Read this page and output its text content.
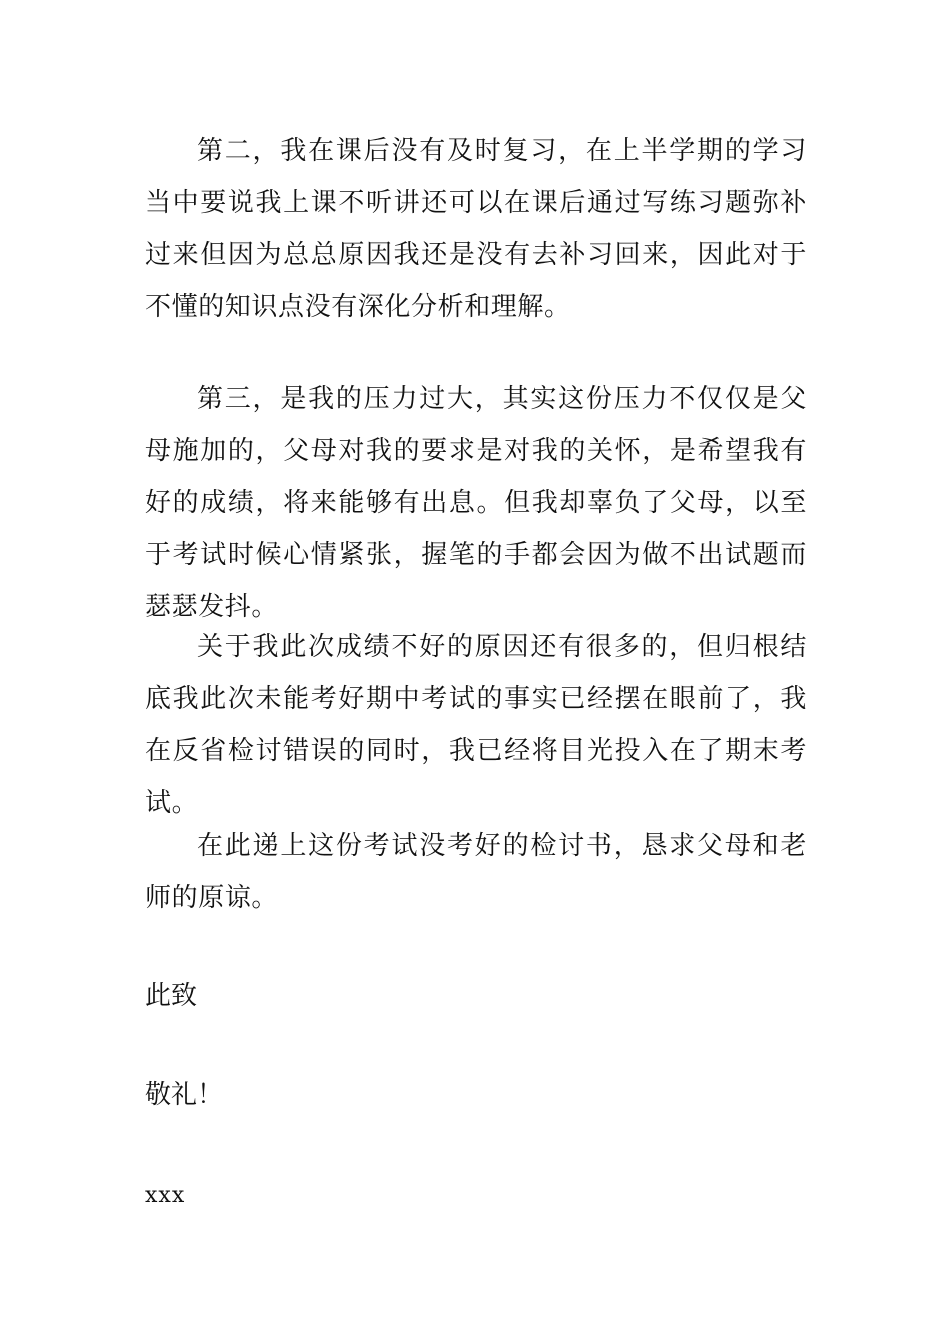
第二，我在课后没有及时复习，在上半学期的学习当中要说我上课不听讲还可以在课后通过写练习题弥补过来但因为总总原因我还是没有去补习回来，因此对于不懂的知识点没有深化分析和理解。

第三，是我的压力过大，其实这份压力不仅仅是父母施加的，父母对我的要求是对我的关怀，是希望我有好的成绩，将来能够有出息。但我却辜负了父母，以至于考试时候心情紧张，握笔的手都会因为做不出试题而瑟瑟发抖。

关于我此次成绩不好的原因还有很多的，但归根结底我此次未能考好期中考试的事实已经摆在眼前了，我在反省检讨错误的同时，我已经将目光投入在了期末考试。

在此递上这份考试没考好的检讨书，恳求父母和老师的原谅。

此致

敬礼！

xxx
